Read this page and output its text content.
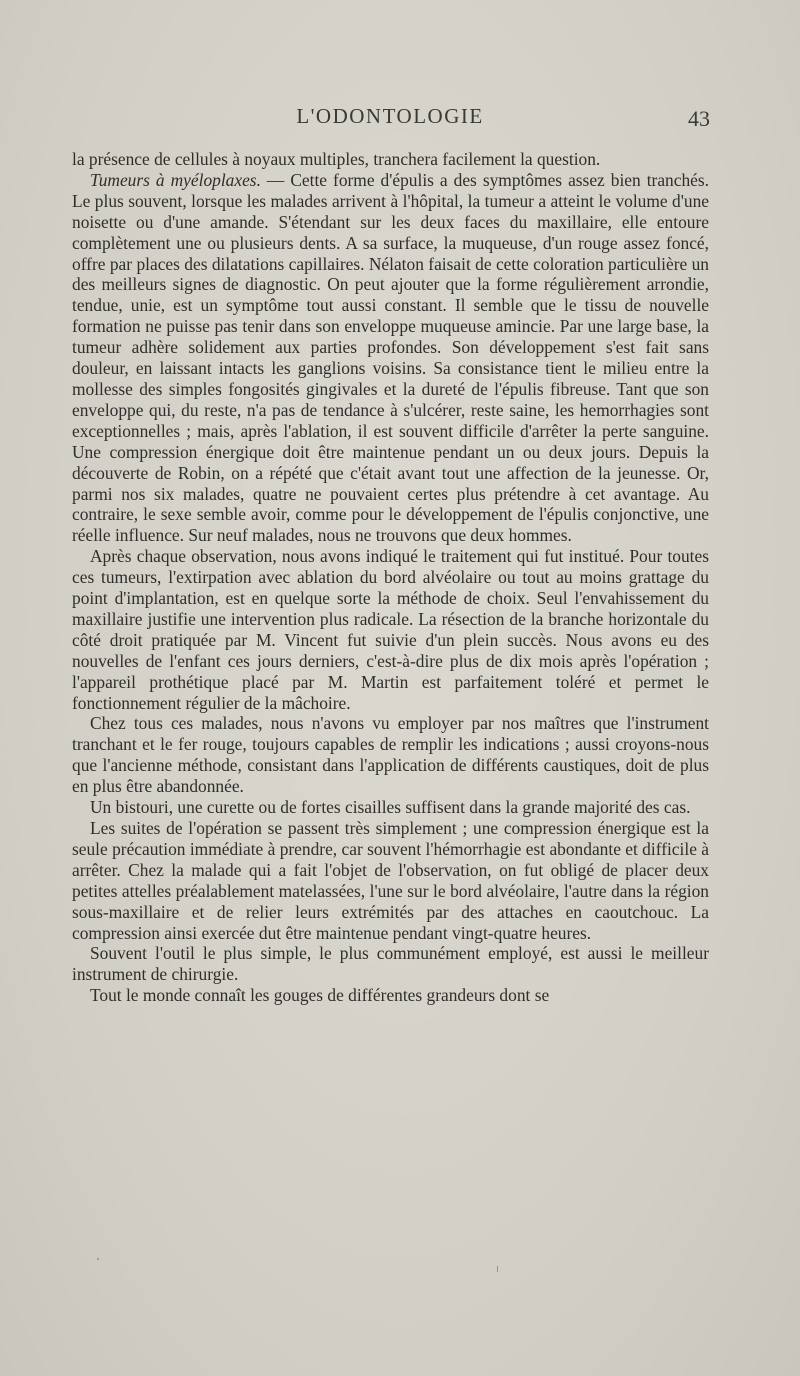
L'ODONTOLOGIE	43

la présence de cellules à noyaux multiples, tranchera facilement la question.

Tumeurs à myéloplaxes. — Cette forme d'épulis a des symptômes assez bien tranchés. Le plus souvent, lorsque les malades arrivent à l'hôpital, la tumeur a atteint le volume d'une noisette ou d'une amande. S'étendant sur les deux faces du maxillaire, elle entoure complètement une ou plusieurs dents. A sa surface, la muqueuse, d'un rouge assez foncé, offre par places des dilatations capillaires. Nélaton faisait de cette coloration particulière un des meilleurs signes de diagnostic. On peut ajouter que la forme régulièrement arrondie, tendue, unie, est un symptôme tout aussi constant. Il semble que le tissu de nouvelle formation ne puisse pas tenir dans son enveloppe muqueuse amincie. Par une large base, la tumeur adhère solidement aux parties profondes. Son développement s'est fait sans douleur, en laissant intacts les ganglions voisins. Sa consistance tient le milieu entre la mollesse des simples fongosités gingivales et la dureté de l'épulis fibreuse. Tant que son enveloppe qui, du reste, n'a pas de tendance à s'ulcérer, reste saine, les hemorrhagies sont exceptionnelles ; mais, après l'ablation, il est souvent difficile d'arrêter la perte sanguine. Une compression énergique doit être maintenue pendant un ou deux jours. Depuis la découverte de Robin, on a répété que c'était avant tout une affection de la jeunesse. Or, parmi nos six malades, quatre ne pouvaient certes plus prétendre à cet avantage. Au contraire, le sexe semble avoir, comme pour le développement de l'épulis conjonctive, une réelle influence. Sur neuf malades, nous ne trouvons que deux hommes.

Après chaque observation, nous avons indiqué le traitement qui fut institué. Pour toutes ces tumeurs, l'extirpation avec ablation du bord alvéolaire ou tout au moins grattage du point d'implantation, est en quelque sorte la méthode de choix. Seul l'envahissement du maxillaire justifie une intervention plus radicale. La résection de la branche horizontale du côté droit pratiquée par M. Vincent fut suivie d'un plein succès. Nous avons eu des nouvelles de l'enfant ces jours derniers, c'est-à-dire plus de dix mois après l'opération ; l'appareil prothétique placé par M. Martin est parfaitement toléré et permet le fonctionnement régulier de la mâchoire.

Chez tous ces malades, nous n'avons vu employer par nos maîtres que l'instrument tranchant et le fer rouge, toujours capables de remplir les indications ; aussi croyons-nous que l'ancienne méthode, consistant dans l'application de différents caustiques, doit de plus en plus être abandonnée.

Un bistouri, une curette ou de fortes cisailles suffisent dans la grande majorité des cas.

Les suites de l'opération se passent très simplement ; une compression énergique est la seule précaution immédiate à prendre, car souvent l'hémorrhagie est abondante et difficile à arrêter. Chez la malade qui a fait l'objet de l'observation, on fut obligé de placer deux petites attelles préalablement matelassées, l'une sur le bord alvéolaire, l'autre dans la région sous-maxillaire et de relier leurs extrémités par des attaches en caoutchouc. La compression ainsi exercée dut être maintenue pendant vingt-quatre heures.

Souvent l'outil le plus simple, le plus communément employé, est aussi le meilleur instrument de chirurgie.

Tout le monde connaît les gouges de différentes grandeurs dont se
